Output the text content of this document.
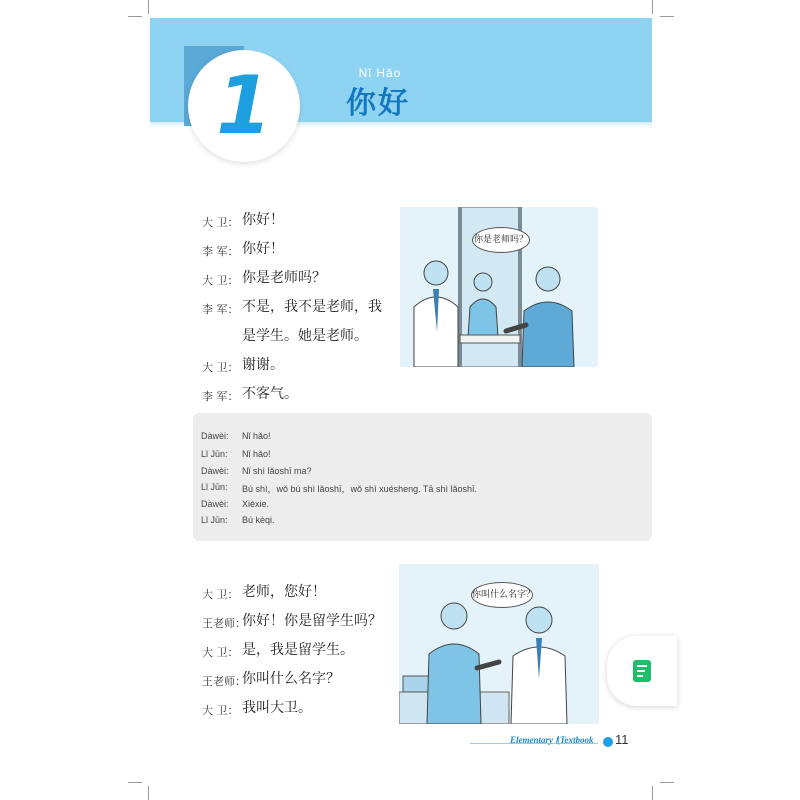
1	Nǐ Hǎo
你好
大 卫： 你好！
李 军： 你好！
大 卫： 你是老师吗？
李 军： 不是，我不是老师，我
是学生。她是老师。
大 卫： 谢谢。
李 军： 不客气。
你是老师吗？
Dàwèi:	Nǐ hǎo!
Lǐ Jūn:	Nǐ hǎo!
Dàwèi:	Nǐ shì lǎoshī ma?
Lǐ Jūn:	Bú shì，wǒ bú shì lǎoshī，wǒ shì xuésheng. Tā shì lǎoshī.
Dàwèi:	Xièxie.
Lǐ Jūn:	Bú kèqi.
大 卫： 老师，您好！
王老师：
你好！你是留学生吗？
大 卫： 是，我是留学生。
王老师：
你叫什么名字？
大 卫： 我叫大卫。
你叫什么名字？
Elementary Ⅰ|Textbook 11
